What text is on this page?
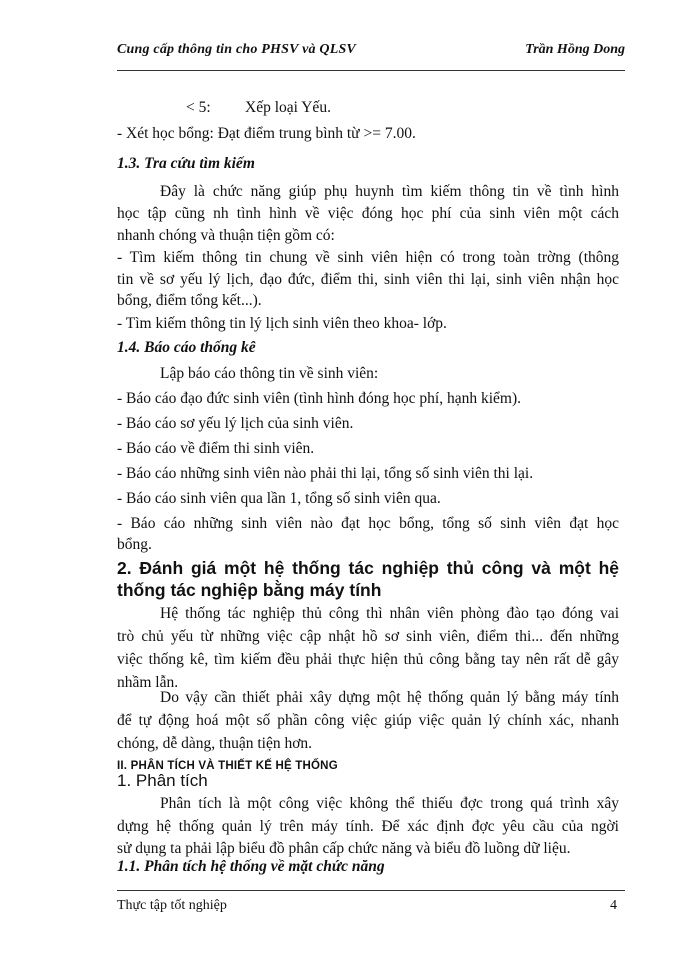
Cung cấp thông tin cho PHSV và QLSV	Trần Hồng Dong
< 5: Xếp loại Yếu.
- Xét học bổng: Đạt điểm trung bình từ >= 7.00.
1.3. Tra cứu tìm kiếm
Đây là chức năng giúp phụ huynh tìm kiếm thông tin về tình hình
học tập cũng nh tình hình về việc đóng học phí của sinh viên một cách
nhanh chóng và thuận tiện gồm có:
- Tìm kiếm thông tin chung về sinh viên hiện có trong toàn trờng (thông
tin về sơ yếu lý lịch, đạo đức, điểm thi, sinh viên thi lại, sinh viên nhận học
bổng, điểm tổng kết...).
- Tìm kiếm thông tin lý lịch sinh viên theo khoa- lớp.
1.4. Báo cáo thống kê
Lập báo cáo thông tin về sinh viên:
- Báo cáo đạo đức sinh viên (tình hình đóng học phí, hạnh kiểm).
- Báo cáo sơ yếu lý lịch của sinh viên.
- Báo cáo về điểm thi sinh viên.
- Báo cáo những sinh viên nào phải thi lại, tổng số sinh viên thi lại.
- Báo cáo sinh viên qua lần 1, tổng số sinh viên qua.
- Báo cáo những sinh viên nào đạt học bổng, tổng số sinh viên đạt học
bổng.
2. Đánh giá một hệ thống tác nghiệp thủ công và một hệ
thống tác nghiệp bằng máy tính
Hệ thống tác nghiệp thủ công thì nhân viên phòng đào tạo đóng vai
trò chủ yếu từ những việc cập nhật hồ sơ sinh viên, điểm thi... đến những
việc thống kê, tìm kiếm đều phải thực hiện thủ công bằng tay nên rất dễ gây
nhầm lẫn.
Do vậy cần thiết phải xây dựng một hệ thống quản lý bằng máy tính
để tự động hoá một số phần công việc giúp việc quản lý chính xác, nhanh
chóng, dễ dàng, thuận tiện hơn.
II. PHÂN TÍCH VÀ THIẾT KẾ HỆ THỐNG
1. Phân tích
Phân tích là một công việc không thể thiếu đợc trong quá trình xây
dựng hệ thống quản lý trên máy tính. Để xác định đợc yêu cầu của ngời
sử dụng ta phải lập biểu đồ phân cấp chức năng và biểu đồ luồng dữ liệu.
1.1. Phân tích hệ thống về mặt chức năng
Thực tập tốt nghiệp	4
